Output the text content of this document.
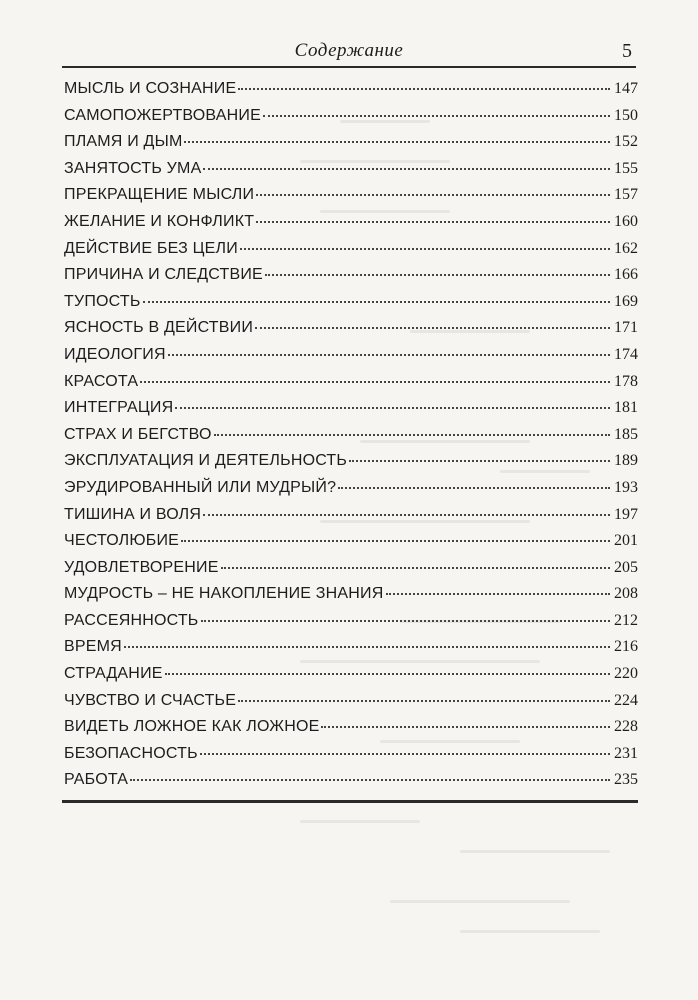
Содержание	5
МЫСЛЬ И СОЗНАНИЕ	147
САМОПОЖЕРТВОВАНИЕ	150
ПЛАМЯ И ДЫМ	152
ЗАНЯТОСТЬ УМА	155
ПРЕКРАЩЕНИЕ МЫСЛИ	157
ЖЕЛАНИЕ И КОНФЛИКТ	160
ДЕЙСТВИЕ БЕЗ ЦЕЛИ	162
ПРИЧИНА И СЛЕДСТВИЕ	166
ТУПОСТЬ	169
ЯСНОСТЬ В ДЕЙСТВИИ	171
ИДЕОЛОГИЯ	174
КРАСОТА	178
ИНТЕГРАЦИЯ	181
СТРАХ И БЕГСТВО	185
ЭКСПЛУАТАЦИЯ И ДЕЯТЕЛЬНОСТЬ	189
ЭРУДИРОВАННЫЙ ИЛИ МУДРЫЙ?	193
ТИШИНА И ВОЛЯ	197
ЧЕСТОЛЮБИЕ	201
УДОВЛЕТВОРЕНИЕ	205
МУДРОСТЬ – НЕ НАКОПЛЕНИЕ ЗНАНИЯ	208
РАССЕЯННОСТЬ	212
ВРЕМЯ	216
СТРАДАНИЕ	220
ЧУВСТВО И СЧАСТЬЕ	224
ВИДЕТЬ ЛОЖНОЕ КАК ЛОЖНОЕ	228
БЕЗОПАСНОСТЬ	231
РАБОТА	235
